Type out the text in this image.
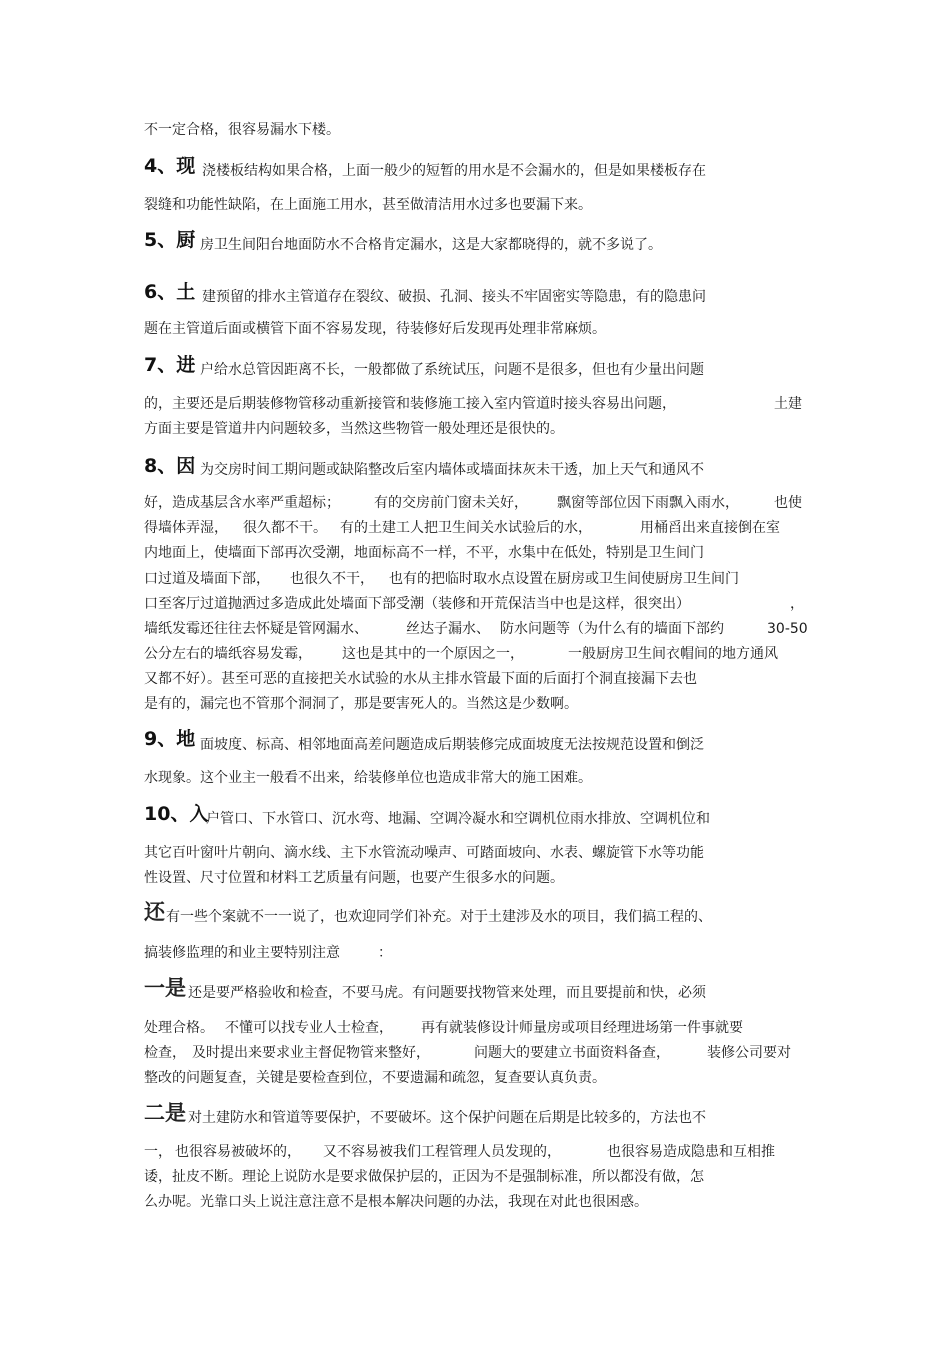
不一定合格，很容易漏水下楼。

4、现 浇楼板结构如果合格，上面一般少的短暂的用水是不会漏水的，但是如果楼板存在

裂缝和功能性缺陷，在上面施工用水，甚至做清洁用水过多也要漏下来。

5、厨 房卫生间阳台地面防水不合格肯定漏水，这是大家都晓得的，就不多说了。
6、土 建预留的排水主管道存在裂纹、破损、孔洞、接头不牢固密实等隐患，有的隐患问

题在主管道后面或横管下面不容易发现，待装修好后发现再处理非常麻烦。

7、进 户给水总管因距离不长，一般都做了系统试压，问题不是很多，但也有少量出问题

的，主要还是后期装修物管移动重新接管和装修施工接入室内管道时接头容易出问题，	土建

方面主要是管道井内问题较多，当然这些物管一般处理还是很快的。

8、因 为交房时间工期问题或缺陷整改后室内墙体或墙面抹灰未干透，加上天气和通风不

好，造成基层含水率严重超标； 有的交房前门窗未关好， 飘窗等部位因下雨飘入雨水，	也使

得墙体弄湿， 很久都不干。 有的土建工人把卫生间关水试验后的水，	用桶舀出来直接倒在室

内地面上，使墙面下部再次受潮，地面标高不一样，不平，水集中在低处，特别是卫生间门

口过道及墙面下部， 也很久不干， 也有的把临时取水点设置在厨房或卫生间使厨房卫生间门

口至客厅过道抛洒过多造成此处墙面下部受潮（装修和开荒保洁当中也是这样，很突出）	，

墙纸发霉还往往去怀疑是管网漏水、	丝达子漏水、 防水问题等（为什么有的墙面下部约	30-50

公分左右的墙纸容易发霉， 这也是其中的一个原因之一，	一般厨房卫生间衣帽间的地方通风

又都不好）。甚至可恶的直接把关水试验的水从主排水管最下面的后面打个洞直接漏下去也

是有的，漏完也不管那个洞洞了，那是要害死人的。当然这是少数啊。

9、地 面坡度、标高、相邻地面高差问题造成后期装修完成面坡度无法按规范设置和倒泛

水现象。这个业主一般看不出来，给装修单位也造成非常大的施工困难。

10、入
户管口、下水管口、沉水弯、地漏、空调冷凝水和空调机位雨水排放、空调机位和

其它百叶窗叶片朝向、滴水线、主下水管流动噪声、可踏面坡向、水表、螺旋管下水等功能

性设置、尺寸位置和材料工艺质量有问题，也要产生很多水的问题。

还 有一些个案就不一一说了，也欢迎同学们补充。对于土建涉及水的项目，我们搞工程的、

搞装修监理的和业主要特别注意	：

一是 还是要严格验收和检查，不要马虎。有问题要找物管来处理，而且要提前和快，必须

处理合格。 不懂可以找专业人士检查， 再有就装修设计师量房或项目经理进场第一件事就要

检查， 及时提出来要求业主督促物管来整好，	问题大的要建立书面资料备查，	装修公司要对

整改的问题复查，关键是要检查到位，不要遗漏和疏忽，复查要认真负责。

二是 对土建防水和管道等要保护，不要破坏。这个保护问题在后期是比较多的，方法也不

一， 也很容易被破坏的， 又不容易被我们工程管理人员发现的，	也很容易造成隐患和互相推

诿，扯皮不断。理论上说防水是要求做保护层的，正因为不是强制标准，所以都没有做，怎

么办呢。光靠口头上说注意注意不是根本解决问题的办法，我现在对此也很困惑。
